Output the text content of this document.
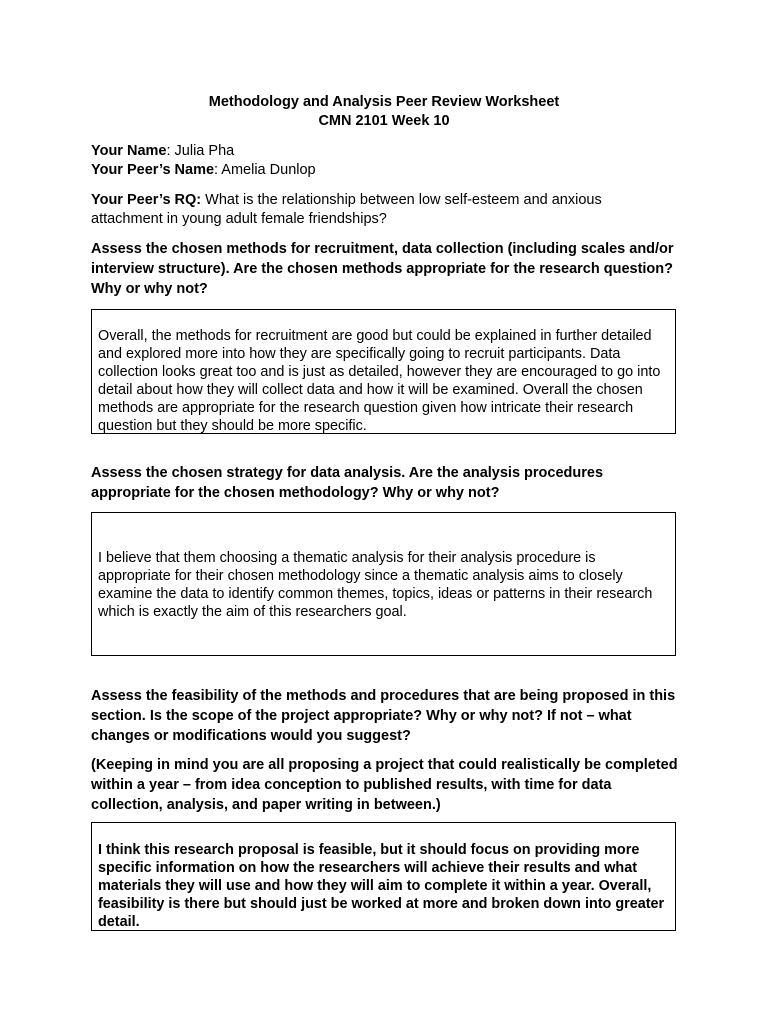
Methodology and Analysis Peer Review Worksheet
CMN 2101 Week 10
Your Name: Julia Pha
Your Peer’s Name: Amelia Dunlop
Your Peer’s RQ: What is the relationship between low self-esteem and anxious attachment in young adult female friendships?
Assess the chosen methods for recruitment, data collection (including scales and/or interview structure). Are the chosen methods appropriate for the research question? Why or why not?
Overall, the methods for recruitment are good but could be explained in further detailed and explored more into how they are specifically going to recruit participants. Data collection looks great too and is just as detailed, however they are encouraged to go into detail about how they will collect data and how it will be examined. Overall the chosen methods are appropriate for the research question given how intricate their research question but they should be more specific.
Assess the chosen strategy for data analysis. Are the analysis procedures appropriate for the chosen methodology? Why or why not?
I believe that them choosing a thematic analysis for their analysis procedure is appropriate for their chosen methodology since a thematic analysis aims to closely examine the data to identify common themes, topics, ideas or patterns in their research which is exactly the aim of this researchers goal.
Assess the feasibility of the methods and procedures that are being proposed in this section. Is the scope of the project appropriate? Why or why not? If not – what changes or modifications would you suggest?
(Keeping in mind you are all proposing a project that could realistically be completed within a year – from idea conception to published results, with time for data collection, analysis, and paper writing in between.)
I think this research proposal is feasible, but it should focus on providing more specific information on how the researchers will achieve their results and what materials they will use and how they will aim to complete it within a year. Overall, feasibility is there but should just be worked at more and broken down into greater detail.
